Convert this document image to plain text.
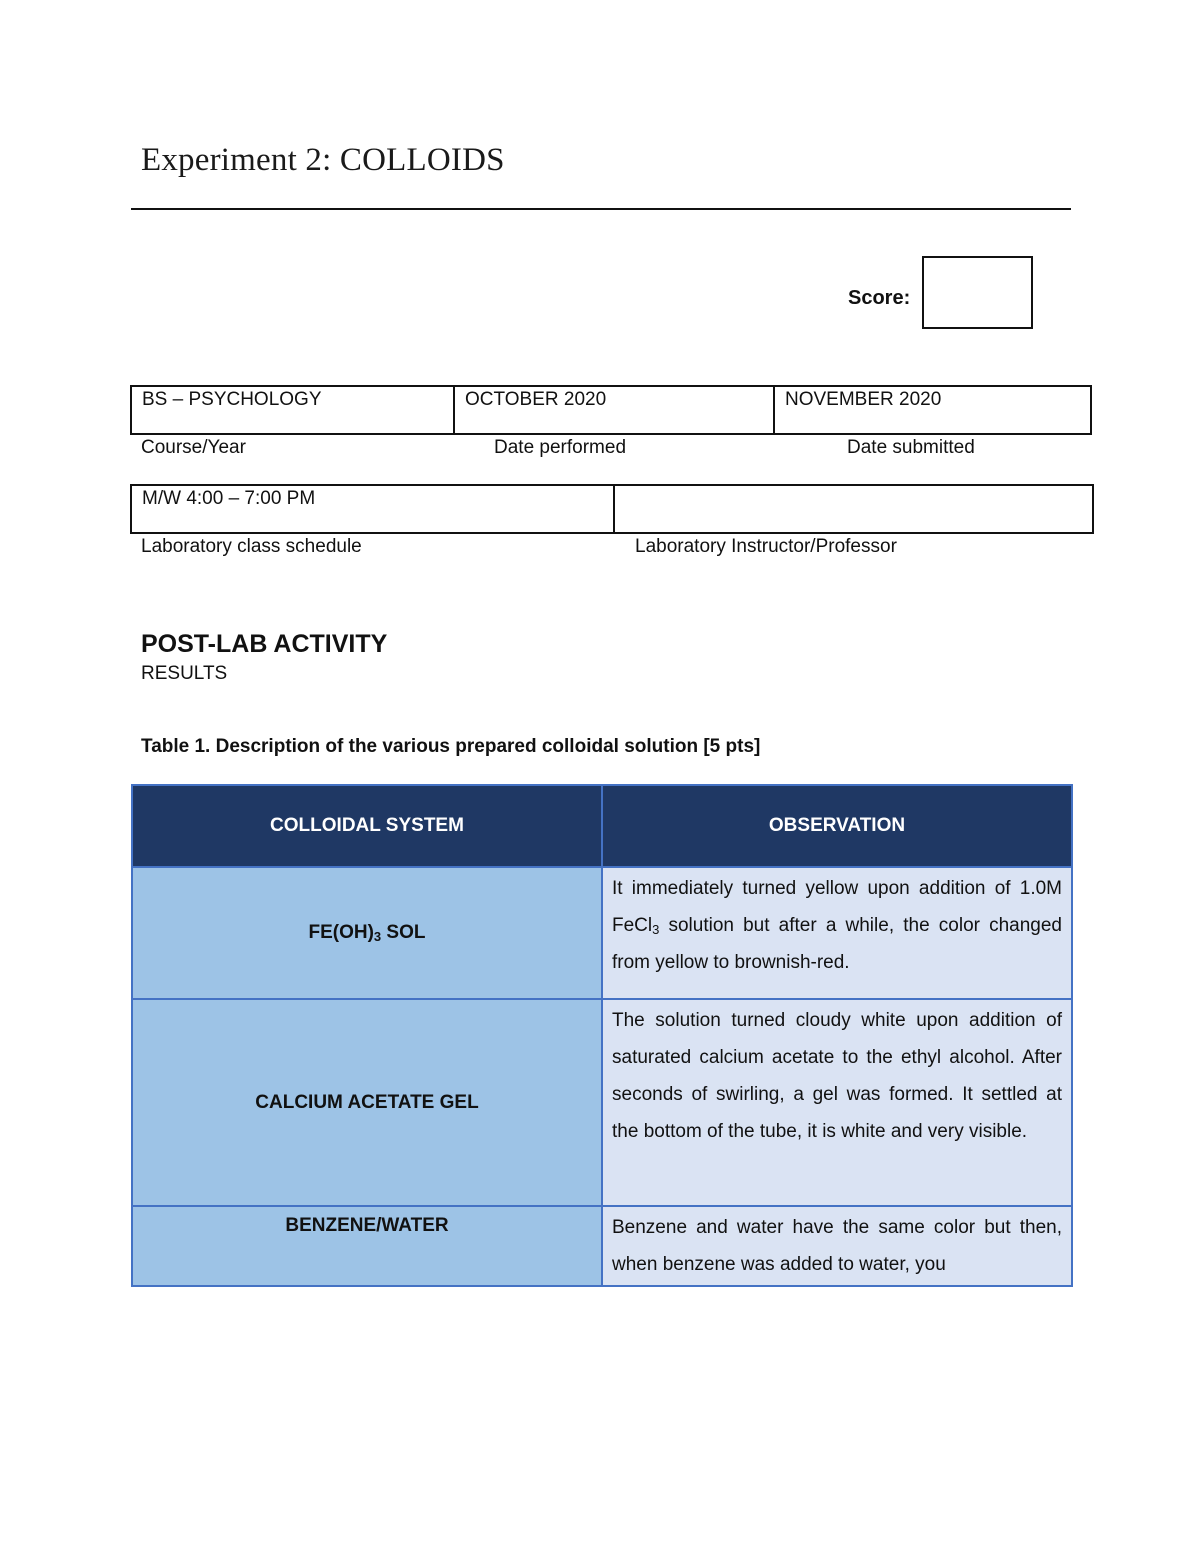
Experiment 2: COLLOIDS
Score:
BS – PSYCHOLOGY	OCTOBER 2020	NOVEMBER 2020
Course/Year	Date performed	Date submitted
M/W 4:00 – 7:00 PM
Laboratory class schedule	Laboratory Instructor/Professor
POST-LAB ACTIVITY
RESULTS
Table 1. Description of the various prepared colloidal solution [5 pts]
COLLOIDAL SYSTEM	OBSERVATION
$FE(OH)_3$ SOL	It immediately turned yellow upon addition of 1.0M FeCl$_3$ solution but after a while, the color changed from yellow to brownish-red.
CALCIUM ACETATE GEL	The solution turned cloudy white upon addition of saturated calcium acetate to the ethyl alcohol. After seconds of swirling, a gel was formed. It settled at the bottom of the tube, it is white and very visible.
BENZENE/WATER	Benzene and water have the same color but then, when benzene was added to water, you
